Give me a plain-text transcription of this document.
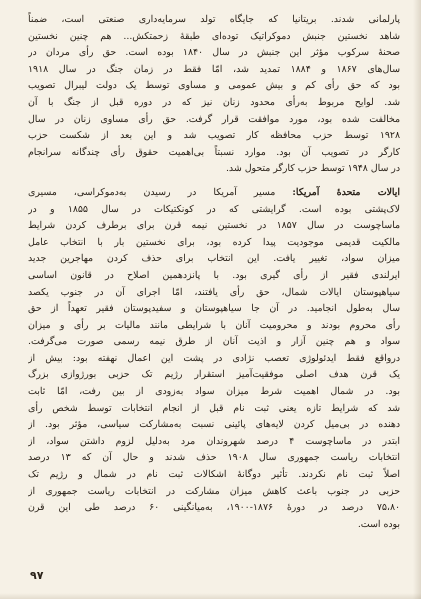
پارلمانی شدند. بریتانیا که جایگاه تولد سرمایه‌داری صنعتی است، ضمناً
شاهد نخستین جنبش دموکراتیک توده‌ای طبقهٔ زحمتکش... هم چنین نخستین
صحنهٔ سرکوب مؤثر این جنبش در سال ۱۸۴۰ بوده است. حق رأی مردان در
سال‌های ۱۸۶۷ و ۱۸۸۴ تمدید شد، امّا فقط در زمان جنگ در سال ۱۹۱۸
بود که حق رأی کم و بیش عمومی و مساوی توسط یک دولت لیبرال تصویب
شد. لوایح مربوط به‌رأی محدود زنان نیز که در دوره قبل از جنگ با آن
مخالفت شده بود، مورد موافقت قرار گرفت. حق رأی مساوی زنان در سال
۱۹۲۸ توسط حزب محافظه کار تصویب شد و این بعد از شکست حزب
کارگر در تصویب آن بود. موارد نسبتاً بی‌اهمیت حقوق رأی چندگانه سرانجام
در سال ۱۹۴۸ توسط حزب کارگر متحول شد.
ایالات متحدهٔ آمریکا: مسیر آمریکا در رسیدن به‌دموکراسی، مسیری
لاک‌پشتی بوده است. گرایشتی که در کونکتیکات در سال ۱۸۵۵ و در
ماساچوست در سال ۱۸۵۷ در نخستین نیمه قرن برای برطرف کردن شرایط
مالکیت قدیمی موجودیت پیدا کرده بود، برای نخستین بار با انتخاب عامل
میزان سواد، تغییر یافت. این انتخاب برای حذف کردن مهاجرین جدید
ایرلندی فقیر از رأی گیری بود. با پانزدهمین اصلاح در قانون اساسی
سیاهپوستان ایالات شمال، حق رأی یافتند، امّا اجرای آن در جنوب یکصد
سال به‌طول انجامید. در آن جا سیاهپوستان و سفیدپوستان فقیر تعهداً از حق
رأی محروم بودند و محرومیت آنان با شرایطی مانند مالیات بر رأی و میزان
سواد و هم چنین آزار و اذیت آنان از طرق نیمه رسمی صورت می‌گرفت.
درواقع فقط ایدئولوژی تعصب نژادی در پشت این اعمال نهفته بود: بیش از
یک قرن هدف اصلی موفقیت‌آمیز استقرار رژیم تک حزبی بورژوازی بزرگ
بود. در شمال اهمیت شرط میزان سواد به‌زودی از بین رفت، امّا ثابت
شد که شرایط تازه یعنی ثبت نام قبل از انجام انتخابات توسط شخص رأی
دهنده در بی‌میل کردن لایه‌های پائینی نسبت به‌مشارکت سیاسی، مؤثر بود. از
ابتدر در ماساچوست ۴ درصد شهروندان مرد به‌دلیل لزوم داشتن سواد، از
انتخابات ریاست جمهوری سال ۱۹۰۸ حذف شدند و حال آن که ۱۳ درصد
اصلاً ثبت نام نکردند. تأثیر دوگانهٔ اشکالات ثبت نام در شمال و رژیم تک
حزبی در جنوب باعث کاهش میزان مشارکت در انتخابات ریاست جمهوری از
۷۵،۸۰ درصد در دورهٔ ۱۸۷۶-۱۹۰۰، به‌میانگینی ۶۰ درصد طی این قرن
بوده است.
٩٧
